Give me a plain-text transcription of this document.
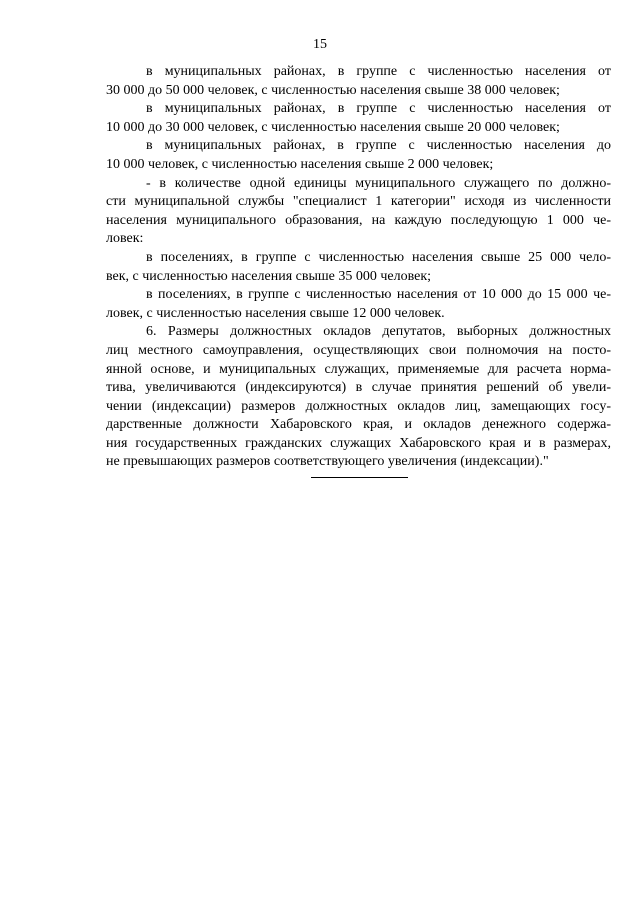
15
в муниципальных районах, в группе с численностью населения от
30 000 до 50 000 человек, с численностью населения свыше 38 000 человек;
в муниципальных районах, в группе с численностью населения от
10 000 до 30 000 человек, с численностью населения свыше 20 000 человек;
в муниципальных районах, в группе с численностью населения до
10 000 человек, с численностью населения свыше 2 000 человек;
- в количестве одной единицы муниципального служащего по должно-
сти муниципальной службы "специалист 1 категории" исходя из численности
населения муниципального образования, на каждую последующую 1 000 че-
ловек:
в поселениях, в группе с численностью населения свыше 25 000 чело-
век, с численностью населения свыше 35 000 человек;
в поселениях, в группе с численностью населения от 10 000 до 15 000 че-
ловек, с численностью населения свыше 12 000 человек.
6. Размеры должностных окладов депутатов, выборных должностных
лиц местного самоуправления, осуществляющих свои полномочия на посто-
янной основе, и муниципальных служащих, применяемые для расчета норма-
тива, увеличиваются (индексируются) в случае принятия решений об увели-
чении (индексации) размеров должностных окладов лиц, замещающих госу-
дарственные должности Хабаровского края, и окладов денежного содержа-
ния государственных гражданских служащих Хабаровского края и в размерах,
не превышающих размеров соответствующего увеличения (индексации)."
